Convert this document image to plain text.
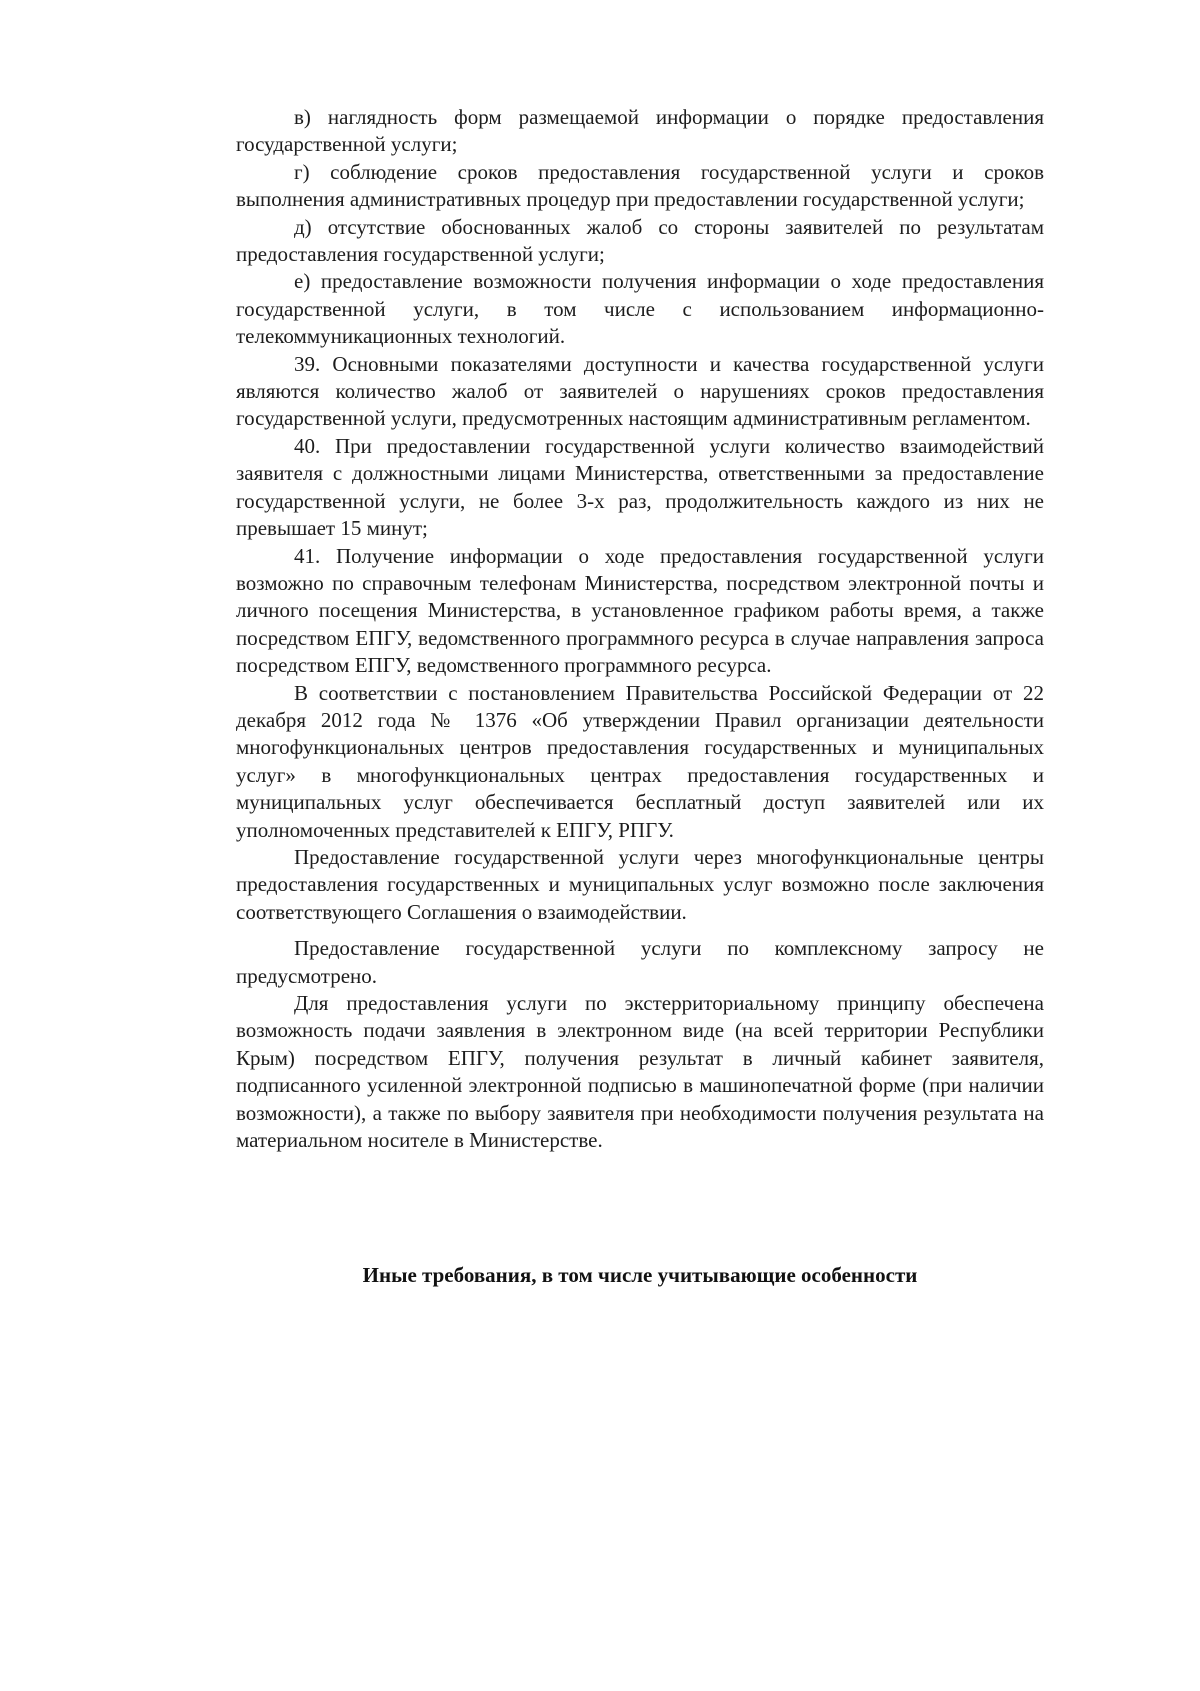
в) наглядность форм размещаемой информации о порядке предоставления государственной услуги;

г) соблюдение сроков предоставления государственной услуги и сроков выполнения административных процедур при предоставлении государственной услуги;

д) отсутствие обоснованных жалоб со стороны заявителей по результатам предоставления государственной услуги;

е) предоставление возможности получения информации о ходе предоставления государственной услуги, в том числе с использованием информационно-телекоммуникационных технологий.

39. Основными показателями доступности и качества государственной услуги являются количество жалоб от заявителей о нарушениях сроков предоставления государственной услуги, предусмотренных настоящим административным регламентом.

40. При предоставлении государственной услуги количество взаимодействий заявителя с должностными лицами Министерства, ответственными за предоставление государственной услуги, не более 3-х раз, продолжительность каждого из них не превышает 15 минут;

41. Получение информации о ходе предоставления государственной услуги возможно по справочным телефонам Министерства, посредством электронной почты и личного посещения Министерства, в установленное графиком работы время, а также посредством ЕПГУ, ведомственного программного ресурса в случае направления запроса посредством ЕПГУ, ведомственного программного ресурса.

В соответствии с постановлением Правительства Российской Федерации от 22 декабря 2012 года № 1376 «Об утверждении Правил организации деятельности многофункциональных центров предоставления государственных и муниципальных услуг» в многофункциональных центрах предоставления государственных и муниципальных услуг обеспечивается бесплатный доступ заявителей или их уполномоченных представителей к ЕПГУ, РПГУ.

Предоставление государственной услуги через многофункциональные центры предоставления государственных и муниципальных услуг возможно после заключения соответствующего Соглашения о взаимодействии.

Предоставление государственной услуги по комплексному запросу не предусмотрено.

Для предоставления услуги по экстерриториальному принципу обеспечена возможность подачи заявления в электронном виде (на всей территории Республики Крым) посредством ЕПГУ, получения результат в личный кабинет заявителя, подписанного усиленной электронной подписью в машинопечатной форме (при наличии возможности), а также по выбору заявителя при необходимости получения результата на материальном носителе в Министерстве.

Иные требования, в том числе учитывающие особенности
